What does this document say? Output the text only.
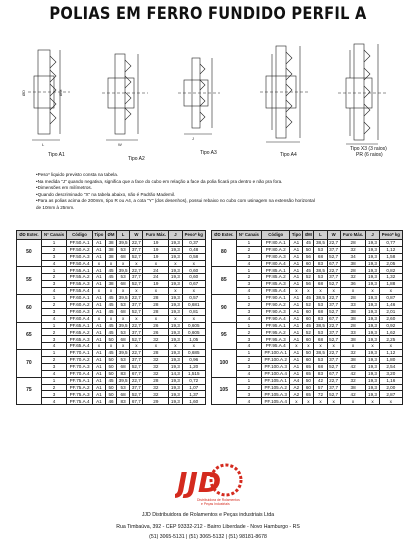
POLIAS EM FERRO FUNDIDO PERFIL A
ØD	ØM
L	W
J
Tipo A1
Tipo A2
Tipo A3	Tipo A4
Tipo X3 (3 raios)
PR (6 raios)
•Peso* liquido previsto consta na tabela.
•Na medida "J" quando negativa, significa que a face do cubo em relação a face da polia ficará pra dentro e não pra fora.
•Dimensões em milímetros.
•Quando descriminado "X" na tabela abaixo, não é Padrão Mademil.
•Para as polias acima de 200mm, tipo R ou A4, a cota "Y" (dos desenhos), possui rebaixo no cubo com usinagem na extensão horizontal
de 10mm à 25mm.
ØD Exter.	N° Canais	Código	Tipo	ØM	L	W	Furo Máx.	J	Peso* kg
50	1	PF.50.A.1	A1	38	39,5	22,7	19	19,3	0,37
	2	PF.50.A.2	A1	38	53	37,7	19	19,3	0,48
	3	PF.50.A.3	A1	38	68	52,7	19	19,3	0,58
	4	PF.50.A.4	x	x	x	x	x	x	x
55	1	PF.55.A.1	A1	45	39,5	22,7	24	19,3	0,60
	2	PF.55.A.2	A1	45	53	37,7	24	19,3	0,60
	3	PF.55.A.3	A1	38	68	52,7	19	19,3	0,67
	4	PF.55.A.4	x	x	x	x	x	x	x
60	1	PF.60.A.1	A1	45	39,5	22,7	28	19,3	0,57
	2	PF.60.A.2	A1	45	53	37,7	28	19,3	0,681
	3	PF.60.A.3	A1	45	68	52,7	28	19,3	0,81
	4	PF.60.A.4	x	x	x	x	x	x	x
65	1	PF.65.A.1	A1	45	39,5	22,7	26	19,3	0,605
	2	PF.65.A.2	A1	45	53	37,7	26	19,3	0,605
	3	PF.65.A.3	A1	50	68	52,7	32	19,3	1,05
	4	PF.65.A.4	x	x	x	x	x	x	x
70	1	PF.70.A.1	A1	45	39,5	22,7	28	19,3	0,685
	2	PF.70.A.2	A1	50	53	37,7	32	19,3	0,96
	3	PF.70.A.3	A1	50	68	52,7	32	19,3	1,20
	4	PF.70.A.4	A1	50	83	67,7	32	14,3	1,515
75	1	PF.75.A.1	A1	45	39,5	22,7	28	19,3	0,72
	2	PF.75.A.2	A1	50	53	37,7	32	19,3	1,07
	3	PF.75.A.3	A1	50	68	52,7	32	19,3	1,37
	4	PF.75.A.4	A1	46	83	67,7	29	19,3	1,60
ØD Exter.	N° Canais	Código	Tipo	ØM	L	W	Furo Máx.	J	Peso* kg
80	1	PF.80.A.1	A1	45	38,5	22,7	28	19,3	0,77
	2	PF.80.A.2	A1	50	53	37,7	32	19,3	1,12
	3	PF.80.A.3	A1	56	68	52,7	34	19,3	1,58
	4	PF.80.A.4	A1	60	83	67,7	38	19,3	2,05
85	1	PF.85.A.1	A1	45	38,5	22,7	28	19,3	0,82
	2	PF.85.A.2	A1	52	53	37,7	32	19,3	1,32
	3	PF.85.A.3	A1	56	68	52,7	36	19,3	1,88
	4	PF.85.A.4	x	x	x	x	x	x	x
90	1	PF.90.A.1	A1	45	38,5	22,7	28	19,3	0,87
	2	PF.90.A.2	A1	52	53	37,7	33	19,3	1,46
	3	PF.90.A.3	A1	60	68	52,7	38	19,3	2,01
	4	PF.90.A.4	A1	60	83	67,7	38	19,3	2,60
95	1	PF.95.A.1	A1	45	38,5	22,7	28	19,3	0,92
	2	PF.95.A.2	A1	52	53	37,7	33	19,3	1,62
	3	PF.95.A.3	A1	60	68	52,7	38	19,3	2,25
	4	PF.95.A.4	x	x	x	x	x	x	x
100	1	PF.100.A.1	A1	50	38,5	22,7	32	19,3	1,12
	2	PF.100.A.2	A1	60	53	37,7	38	19,3	1,80
	3	PF.100.A.3	A1	65	68	52,7	42	19,3	2,54
	4	PF.100.A.4	A1	65	83	67,7	42	19,3	3,20
105	1	PF.105.A.1	A4	50	42	22,7	32	19,3	1,16
	2	PF.105.A.2	A2	60	57	37,7	38	19,3	2,00
	3	PF.105.A.3	A2	65	72	52,7	42	19,3	2,87
	4	PF.105.A.4	x	x	x	x	x	x	x
JJD
Distribuidora de Rolamentos
e Peças Industriais
JJD Distribuidora de Rolamentos e Peças industriais Ltda
Rua Timbaúva, 392 - CEP 93332-212 - Bairro Liberdade - Novo Hamburgo - RS
(51) 3065-5131 | (51) 3065-5132 | (51) 98181-8678
